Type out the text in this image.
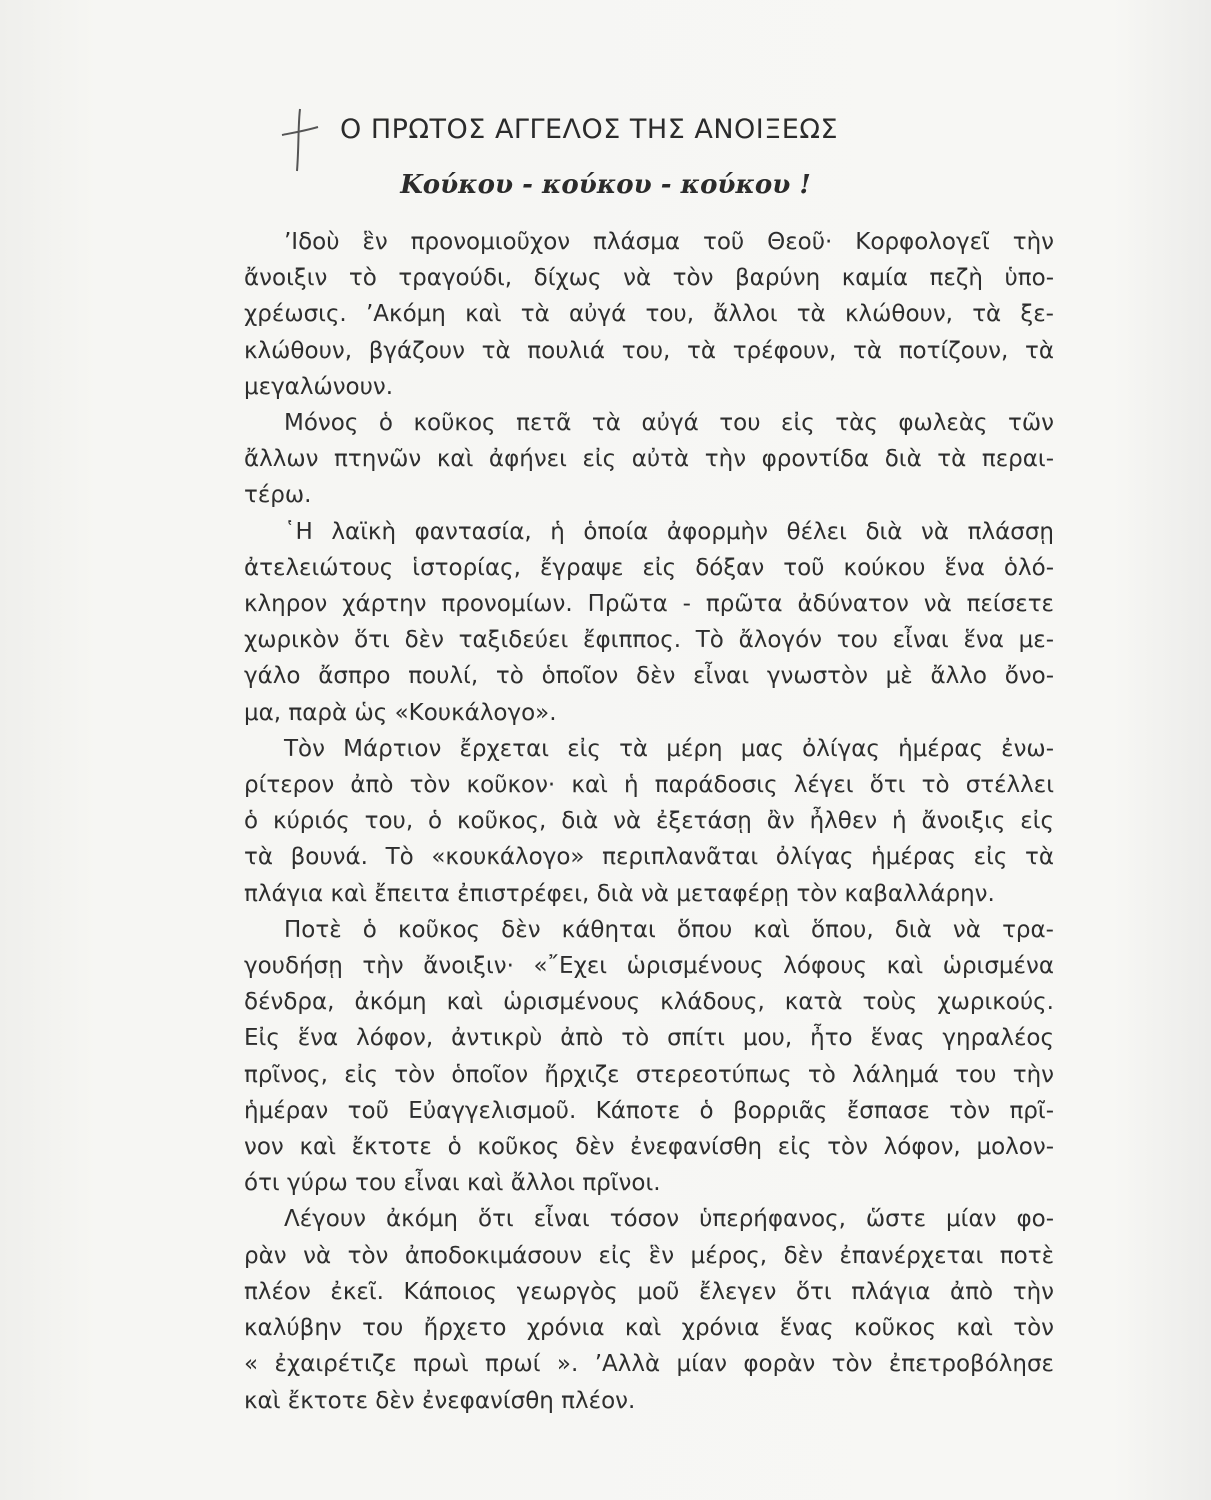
Ο ΠΡΩΤΟΣ ΑΓΓΕΛΟΣ ΤΗΣ ΑΝΟΙΞΕΩΣ
Κούκου - κούκου - κούκου !
’Ιδοὺ ἓν προνομιοῦχον πλάσμα τοῦ Θεοῦ· Κορφολογεῖ τὴν
ἄνοιξιν τὸ τραγούδι, δίχως νὰ τὸν βαρύνη καμία πεζὴ ὑπο-
χρέωσις. ’Ακόμη καὶ τὰ αὐγά του, ἄλλοι τὰ κλώθουν, τὰ ξε-
κλώθουν, βγάζουν τὰ πουλιά του, τὰ τρέφουν, τὰ ποτίζουν, τὰ
μεγαλώνουν.
Μόνος ὁ κοῦκος πετᾶ τὰ αὐγά του εἰς τὰς φωλεὰς τῶν
ἄλλων πτηνῶν καὶ ἀφήνει εἰς αὐτὰ τὴν φροντίδα διὰ τὰ περαι-
τέρω.
῾Η λαϊκὴ φαντασία, ἡ ὁποία ἀφορμὴν θέλει διὰ νὰ πλάσσῃ
ἀτελειώτους ἱστορίας, ἔγραψε εἰς δόξαν τοῦ κούκου ἕνα ὁλό-
κληρον χάρτην προνομίων. Πρῶτα - πρῶτα ἀδύνατον νὰ πείσετε
χωρικὸν ὅτι δὲν ταξιδεύει ἔφιππος. Τὸ ἄλογόν του εἶναι ἕνα με-
γάλο ἄσπρο πουλί, τὸ ὁποῖον δὲν εἶναι γνωστὸν μὲ ἄλλο ὄνο-
μα, παρὰ ὡς «Κουκάλογο».
Τὸν Μάρτιον ἔρχεται εἰς τὰ μέρη μας ὀλίγας ἡμέρας ἐνω-
ρίτερον ἀπὸ τὸν κοῦκον· καὶ ἡ παράδοσις λέγει ὅτι τὸ στέλλει
ὁ κύριός του, ὁ κοῦκος, διὰ νὰ ἐξετάσῃ ἂν ἦλθεν ἡ ἄνοιξις εἰς
τὰ βουνά. Τὸ «κουκάλογο» περιπλανᾶται ὀλίγας ἡμέρας εἰς τὰ
πλάγια καὶ ἔπειτα ἐπιστρέφει, διὰ νὰ μεταφέρῃ τὸν καβαλλάρην.
Ποτὲ ὁ κοῦκος δὲν κάθηται ὅπου καὶ ὅπου, διὰ νὰ τρα-
γουδήσῃ τὴν ἄνοιξιν· «῎Εχει ὡρισμένους λόφους καὶ ὡρισμένα
δένδρα, ἀκόμη καὶ ὡρισμένους κλάδους, κατὰ τοὺς χωρικούς.
Εἰς ἕνα λόφον, ἀντικρὺ ἀπὸ τὸ σπίτι μου, ἦτο ἕνας γηραλέος
πρῖνος, εἰς τὸν ὁποῖον ἤρχιζε στερεοτύπως τὸ λάλημά του τὴν
ἡμέραν τοῦ Εὐαγγελισμοῦ. Κάποτε ὁ βορριᾶς ἔσπασε τὸν πρῖ-
νον καὶ ἔκτοτε ὁ κοῦκος δὲν ἐνεφανίσθη εἰς τὸν λόφον, μολον-
ότι γύρω του εἶναι καὶ ἄλλοι πρῖνοι.
Λέγουν ἀκόμη ὅτι εἶναι τόσον ὑπερήφανος, ὥστε μίαν φο-
ρὰν νὰ τὸν ἀποδοκιμάσουν εἰς ἓν μέρος, δὲν ἐπανέρχεται ποτὲ
πλέον ἐκεῖ. Κάποιος γεωργὸς μοῦ ἔλεγεν ὅτι πλάγια ἀπὸ τὴν
καλύβην του ἤρχετο χρόνια καὶ χρόνια ἕνας κοῦκος καὶ τὸν
« ἐχαιρέτιζε πρωὶ πρωί ». ’Αλλὰ μίαν φορὰν τὸν ἐπετροβόλησε
καὶ ἔκτοτε δὲν ἐνεφανίσθη πλέον.
